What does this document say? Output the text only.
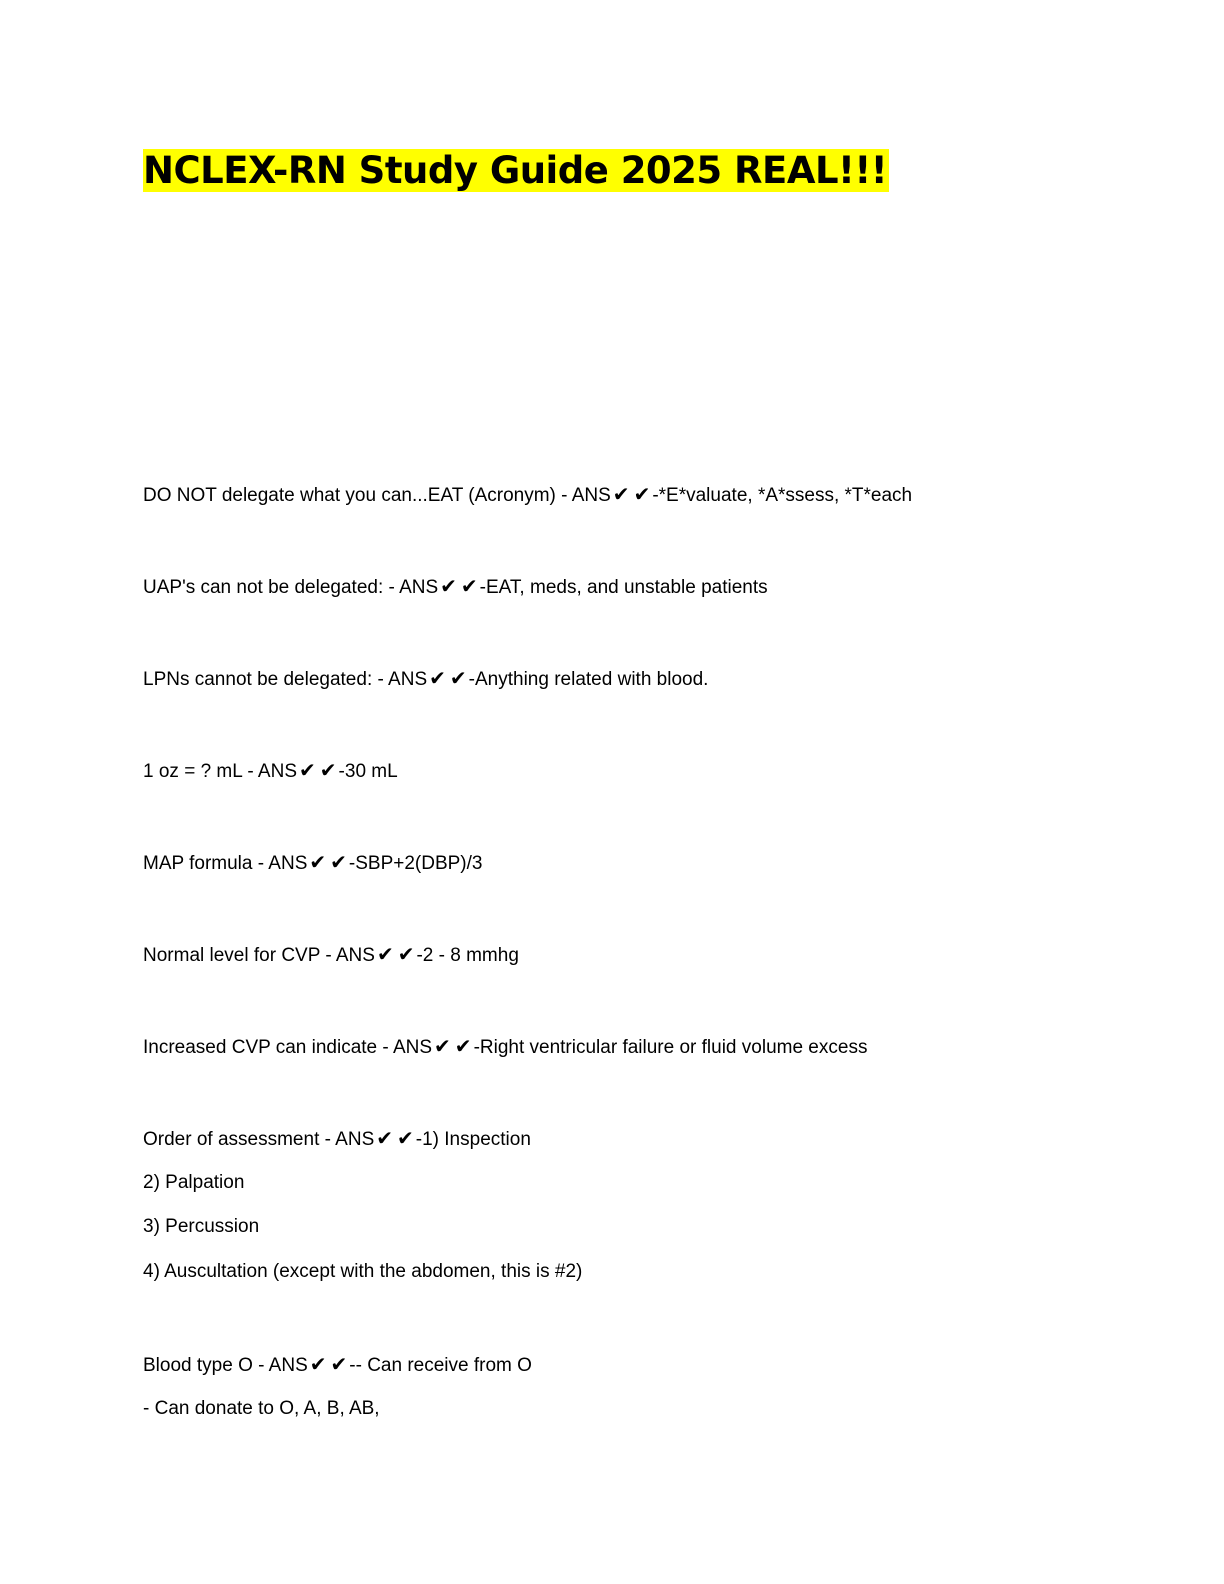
NCLEX-RN Study Guide 2025 REAL!!!

DO NOT delegate what you can...EAT (Acronym) - ANS ✔ ✔ -*E*valuate, *A*ssess, *T*each

UAP's can not be delegated: - ANS ✔ ✔ -EAT, meds, and unstable patients

LPNs cannot be delegated: - ANS ✔ ✔ -Anything related with blood.

1 oz = ? mL - ANS ✔ ✔ -30 mL

MAP formula - ANS ✔ ✔ -SBP+2(DBP)/3

Normal level for CVP - ANS ✔ ✔ -2 - 8 mmhg

Increased CVP can indicate - ANS ✔ ✔ -Right ventricular failure or fluid volume excess

Order of assessment - ANS ✔ ✔ -1) Inspection

2) Palpation

3) Percussion

4) Auscultation (except with the abdomen, this is #2)

Blood type O - ANS ✔ ✔ -- Can receive from O

- Can donate to O, A, B, AB,
